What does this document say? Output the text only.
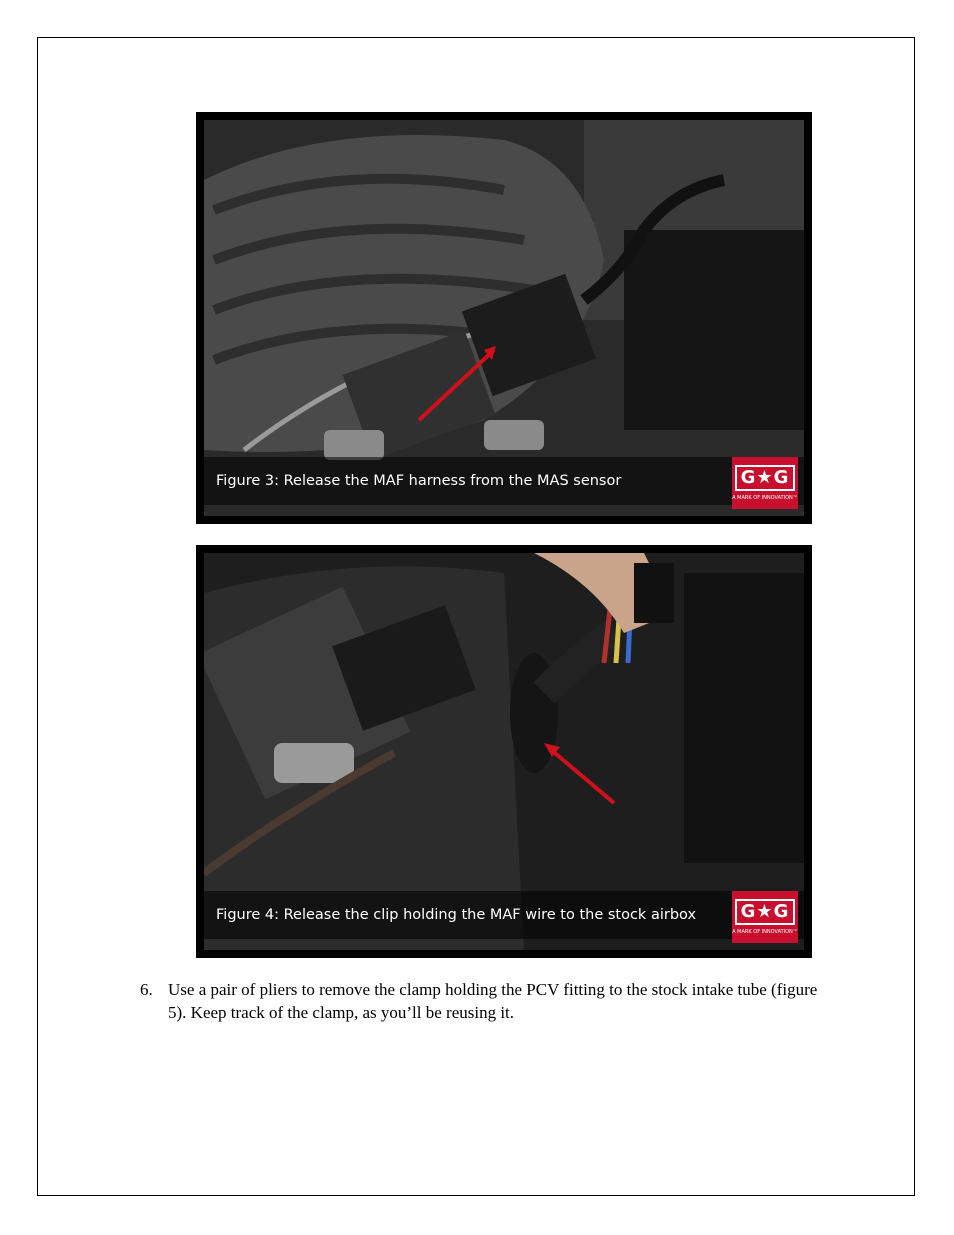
Figure 3: Release the MAF harness from the MAS sensor	G★G
A MARK OF INNOVATION™
Figure 4: Release the clip holding the MAF wire to the stock airbox	G★G
A MARK OF INNOVATION™
6. Use a pair of pliers to remove the clamp holding the PCV fitting to the stock intake tube (figure 5). Keep track of the clamp, as you’ll be reusing it.
